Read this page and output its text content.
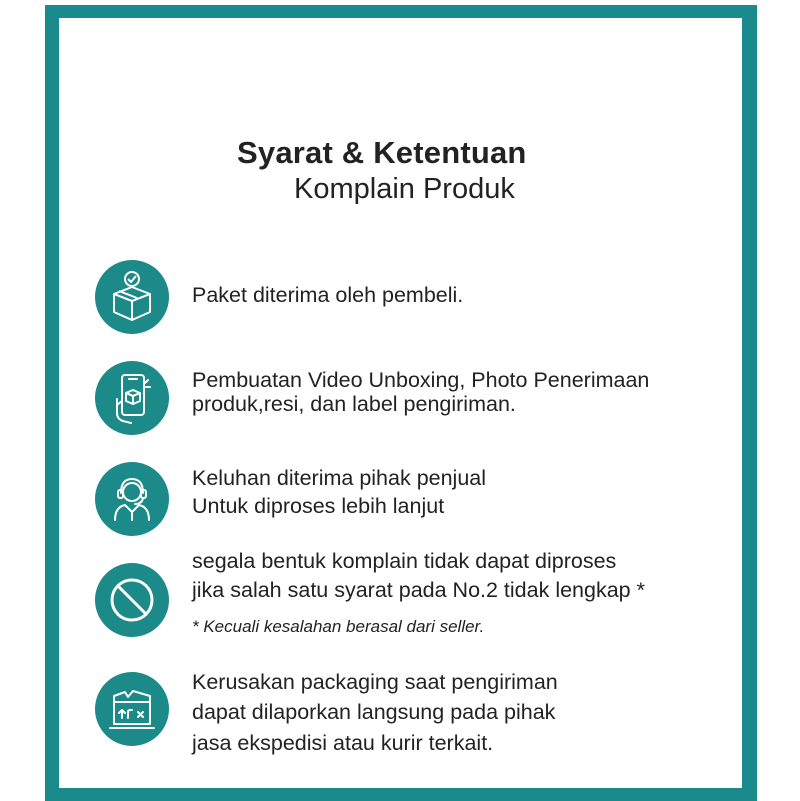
Syarat & Ketentuan
Komplain Produk
Paket diterima oleh pembeli.
Pembuatan Video Unboxing, Photo Penerimaan
produk,resi, dan label pengiriman.
Keluhan diterima pihak penjual
Untuk diproses lebih lanjut
segala bentuk komplain tidak dapat diproses
jika salah satu syarat pada No.2 tidak lengkap *
* Kecuali kesalahan berasal dari seller.
Kerusakan packaging saat pengiriman
dapat dilaporkan langsung pada pihak
jasa ekspedisi atau kurir terkait.
